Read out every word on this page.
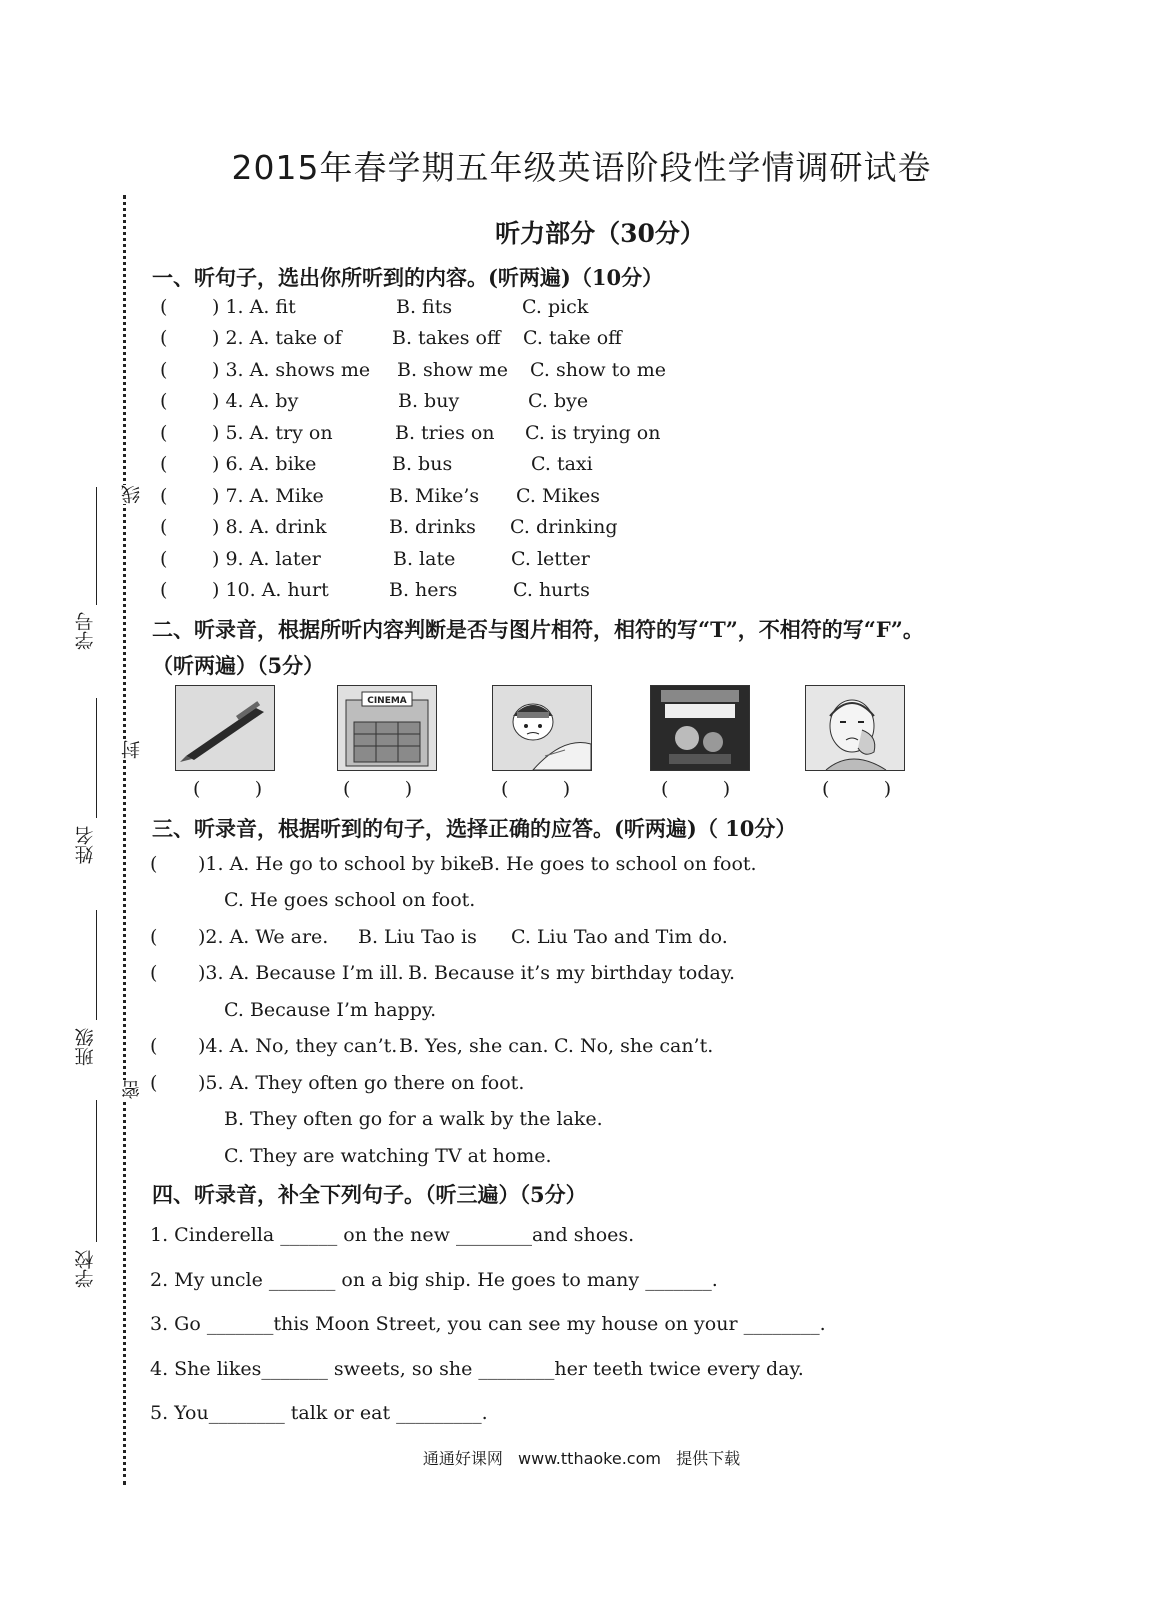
学号
姓名
班级
学校
线
封
密
2015年春学期五年级英语阶段性学情调研试卷
听力部分（30分）
一、听句子，选出你所听到的内容。(听两遍)（10分）
( ) 1. A. fit	B. fits	C. pick
( ) 2. A. take of	B. takes off C. take off
( ) 3. A. shows me B. show me C. show to me
( ) 4. A. by	B. buy	C. bye
( ) 5. A. try on	B. tries on C. is trying on
( ) 6. A. bike	B. bus	C. taxi
( ) 7. A. Mike	B. Mike’s C. Mikes
( ) 8. A. drink	B. drinks C. drinking
( ) 9. A. later	B. late	C. letter
( ) 10. A. hurt	B. hers	C. hurts
二、听录音，根据所听内容判断是否与图片相符，相符的写“T”，不相符的写“F”。
（听两遍）（5分）
CINEMA
(         )	(         )	(         )	(         )	(         )
三、听录音，根据听到的句子，选择正确的应答。(听两遍)（ 10分）
( )1. A. He go to school by bike.
B. He goes to school on foot.
C. He goes school on foot.
( )2. A. We are. B. Liu Tao is C. Liu Tao and Tim do.
( )3. A. Because I’m ill. B. Because it’s my birthday today.
C. Because I’m happy.
( )4. A. No, they can’t. B. Yes, she can. C. No, she can’t.
( )5. A. They often go there on foot.
B. They often go for a walk by the lake.
C. They are watching TV at home.
四、听录音，补全下列句子。（听三遍）（5分）
1. Cinderella ______ on the new ________and shoes.
2. My uncle _______ on a big ship. He goes to many _______.
3. Go _______this Moon Street, you can see my house on your ________.
4. She likes_______ sweets, so she ________her teeth twice every day.
5. You________ talk or eat _________.
通通好课网 www.tthaoke.com 提供下载
